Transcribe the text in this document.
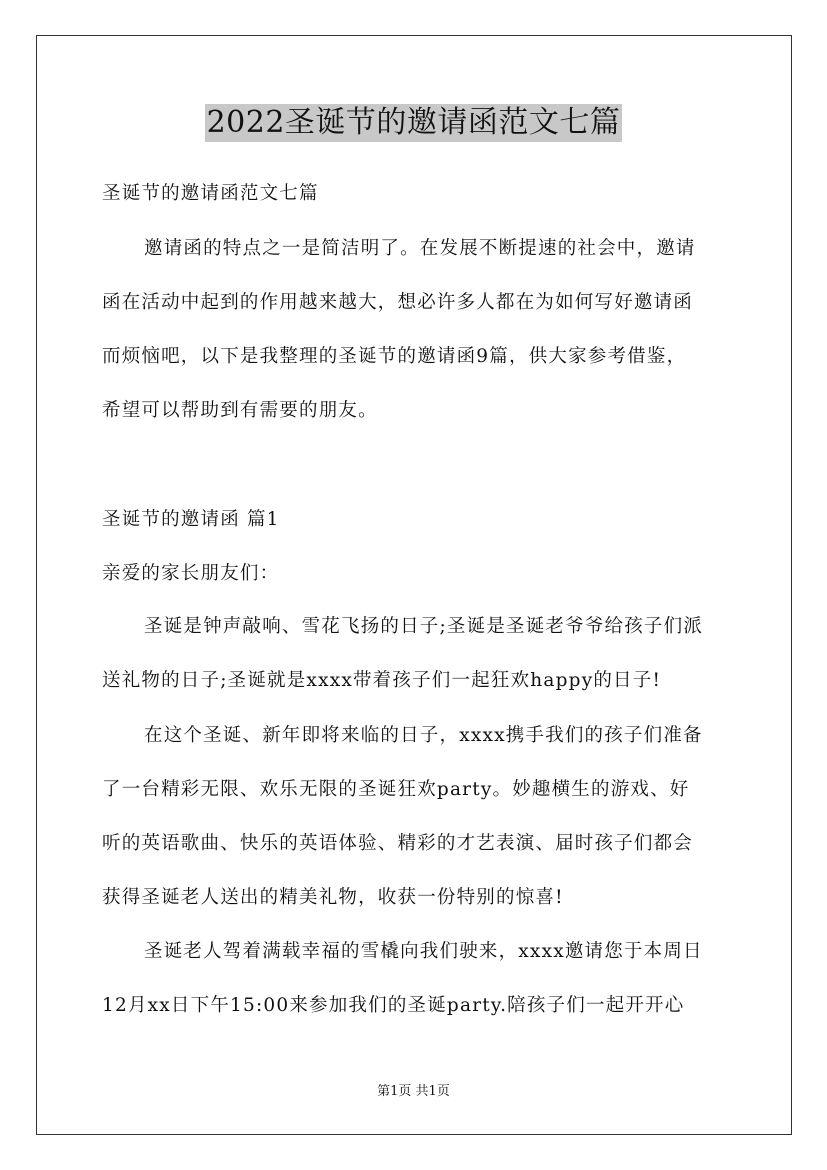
2022圣诞节的邀请函范文七篇
圣诞节的邀请函范文七篇
邀请函的特点之一是简洁明了。在发展不断提速的社会中，邀请
函在活动中起到的作用越来越大，想必许多人都在为如何写好邀请函
而烦恼吧，以下是我整理的圣诞节的邀请函9篇，供大家参考借鉴，
希望可以帮助到有需要的朋友。
圣诞节的邀请函 篇1
亲爱的家长朋友们：
圣诞是钟声敲响、雪花飞扬的日子;圣诞是圣诞老爷爷给孩子们派
送礼物的日子;圣诞就是xxxx带着孩子们一起狂欢happy的日子!
在这个圣诞、新年即将来临的日子，xxxx携手我们的孩子们准备
了一台精彩无限、欢乐无限的圣诞狂欢party。妙趣横生的游戏、好
听的英语歌曲、快乐的英语体验、精彩的才艺表演、届时孩子们都会
获得圣诞老人送出的精美礼物，收获一份特别的惊喜!
圣诞老人驾着满载幸福的雪橇向我们驶来，xxxx邀请您于本周日
12月xx日下午15:00来参加我们的圣诞party.陪孩子们一起开开心
第1页 共1页
